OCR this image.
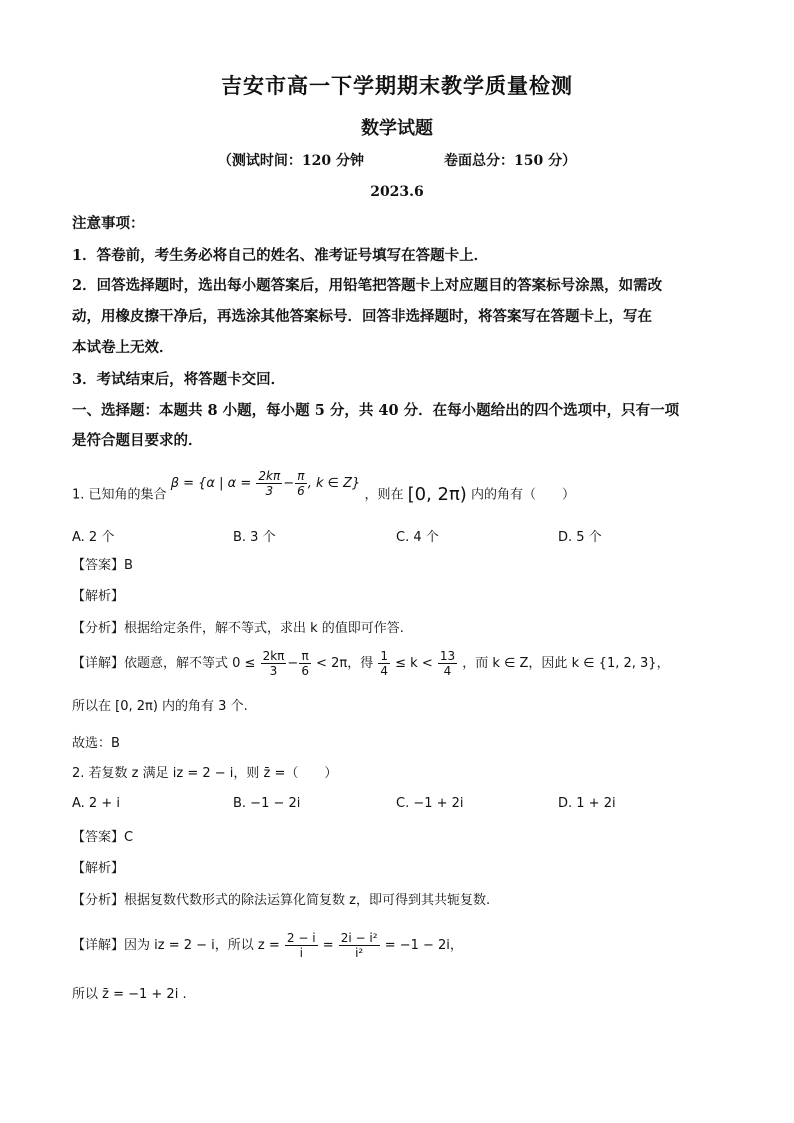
吉安市高一下学期期末教学质量检测
数学试题
（测试时间：120 分钟	卷面总分：150 分）
2023.6
注意事项：
1．答卷前，考生务必将自己的姓名、准考证号填写在答题卡上．
2．回答选择题时，选出每小题答案后，用铅笔把答题卡上对应题目的答案标号涂黑，如需改
动，用橡皮擦干净后，再选涂其他答案标号．回答非选择题时，将答案写在答题卡上，写在
本试卷上无效．
3．考试结束后，将答题卡交回．
一、选择题：本题共 8 小题，每小题 5 分，共 40 分．在每小题给出的四个选项中，只有一项
是符合题目要求的．
1. 已知角的集合 β = {α | $\alpha = \frac{2k\pi}{3} - \frac{\pi}{6}$ , k ∈ Z} ，则在 [0, 2π) 内的角有（　　）
A. 2 个	B. 3 个	C. 4 个	D. 5 个
【答案】B
【解析】
【分析】根据给定条件，解不等式，求出 k 的值即可作答.
【详解】依题意，解不等式 $0 \le \frac{2k\pi}{3} - \frac{\pi}{6} < 2\pi$，得 $\frac{1}{4} \le k < \frac{13}{4}$ ，而 k ∈ Z，因此 k ∈ {1, 2, 3}，
所以在 [0, 2π) 内的角有 3 个.
故选：B
2. 若复数 z 满足 iz = 2 − i，则 z̄ =（　　）
A. 2 + i	B. −1 − 2i	C. −1 + 2i	D. 1 + 2i
【答案】C
【解析】
【分析】根据复数代数形式的除法运算化简复数 z，即可得到其共轭复数.
【详解】因为 iz = 2 − i，所以 $z = \frac{2 - i}{i} = \frac{\text{2i − i²}}{\text{i²}} = -1 - 2i$，
所以 z̄ = −1 + 2i .
